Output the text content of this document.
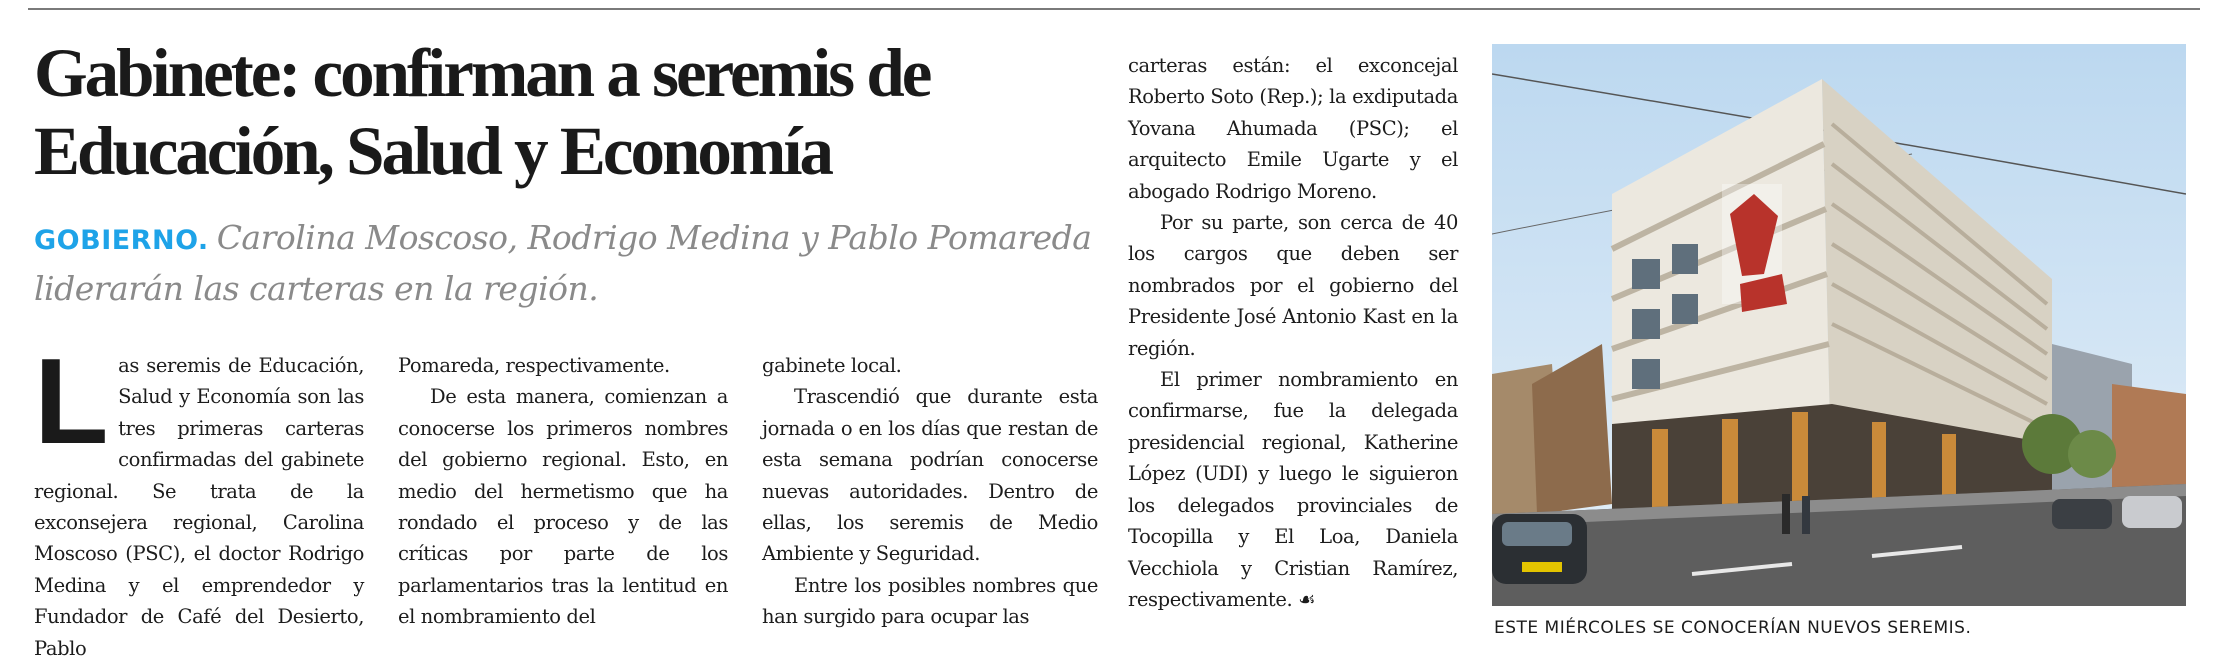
Gabinete: confirman a seremis de
Educación, Salud y Economía

GOBIERNO. Carolina Moscoso, Rodrigo Medina y Pablo Pomareda liderarán las carteras en la región.

Las seremis de Educación, Salud y Economía son las tres primeras carteras confirmadas del gabinete regional. Se trata de la exconsejera regional, Carolina Moscoso (PSC), el doctor Rodrigo Medina y el emprendedor y Fundador de Café del Desierto, Pablo

Pomareda, respectivamente.

De esta manera, comienzan a conocerse los primeros nombres del gobierno regional. Esto, en medio del hermetismo que ha rondado el proceso y de las críticas por parte de los parlamentarios tras la lentitud en el nombramiento del

gabinete local.

Trascendió que durante esta jornada o en los días que restan de esta semana podrían conocerse nuevas autoridades. Dentro de ellas, los seremis de Medio Ambiente y Seguridad.

Entre los posibles nombres que han surgido para ocupar las

carteras están: el exconcejal Roberto Soto (Rep.); la exdiputada Yovana Ahumada (PSC); el arquitecto Emile Ugarte y el abogado Rodrigo Moreno.

Por su parte, son cerca de 40 los cargos que deben ser nombrados por el gobierno del Presidente José Antonio Kast en la región.

El primer nombramiento en confirmarse, fue la delegada presidencial regional, Katherine López (UDI) y luego le siguieron los delegados provinciales de Tocopilla y El Loa, Daniela Vecchiola y Cristian Ramírez, respectivamente. ☙

ESTE MIÉRCOLES SE CONOCERÍAN NUEVOS SEREMIS.
